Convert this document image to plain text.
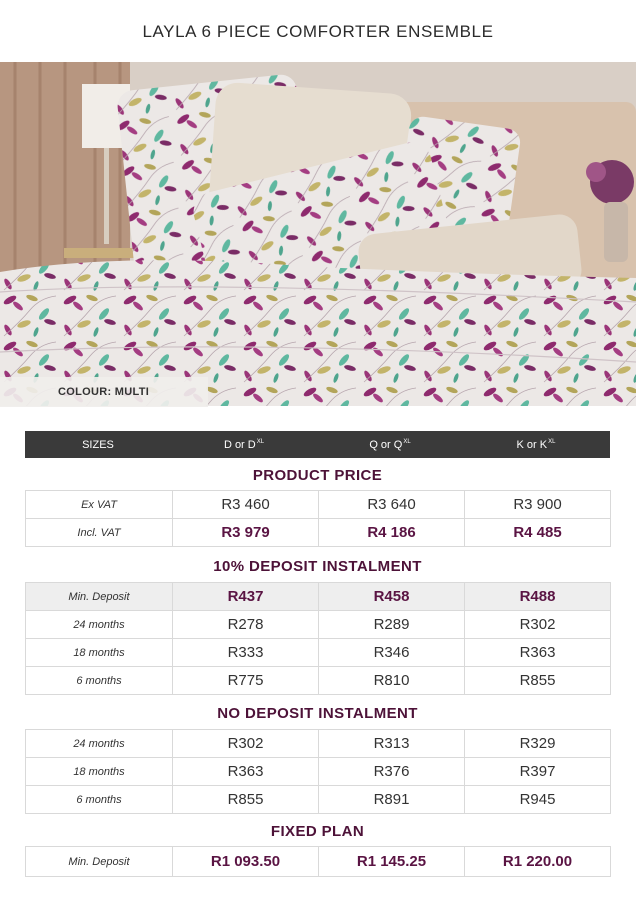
LAYLA 6 PIECE COMFORTER ENSEMBLE
COLOUR: MULTI
SIZES	D or $D^{XL}$	Q or $Q^{XL}$	K or $K^{XL}$
PRODUCT PRICE
Ex VAT	R3 460	R3 640	R3 900
Incl. VAT	R3 979	R4 186	R4 485
10% DEPOSIT INSTALMENT
Min. Deposit	R437	R458	R488
24 months	R278	R289	R302
18 months	R333	R346	R363
6 months	R775	R810	R855
NO DEPOSIT INSTALMENT
24 months	R302	R313	R329
18 months	R363	R376	R397
6 months	R855	R891	R945
FIXED PLAN
Min. Deposit	R1 093.50	R1 145.25	R1 220.00
